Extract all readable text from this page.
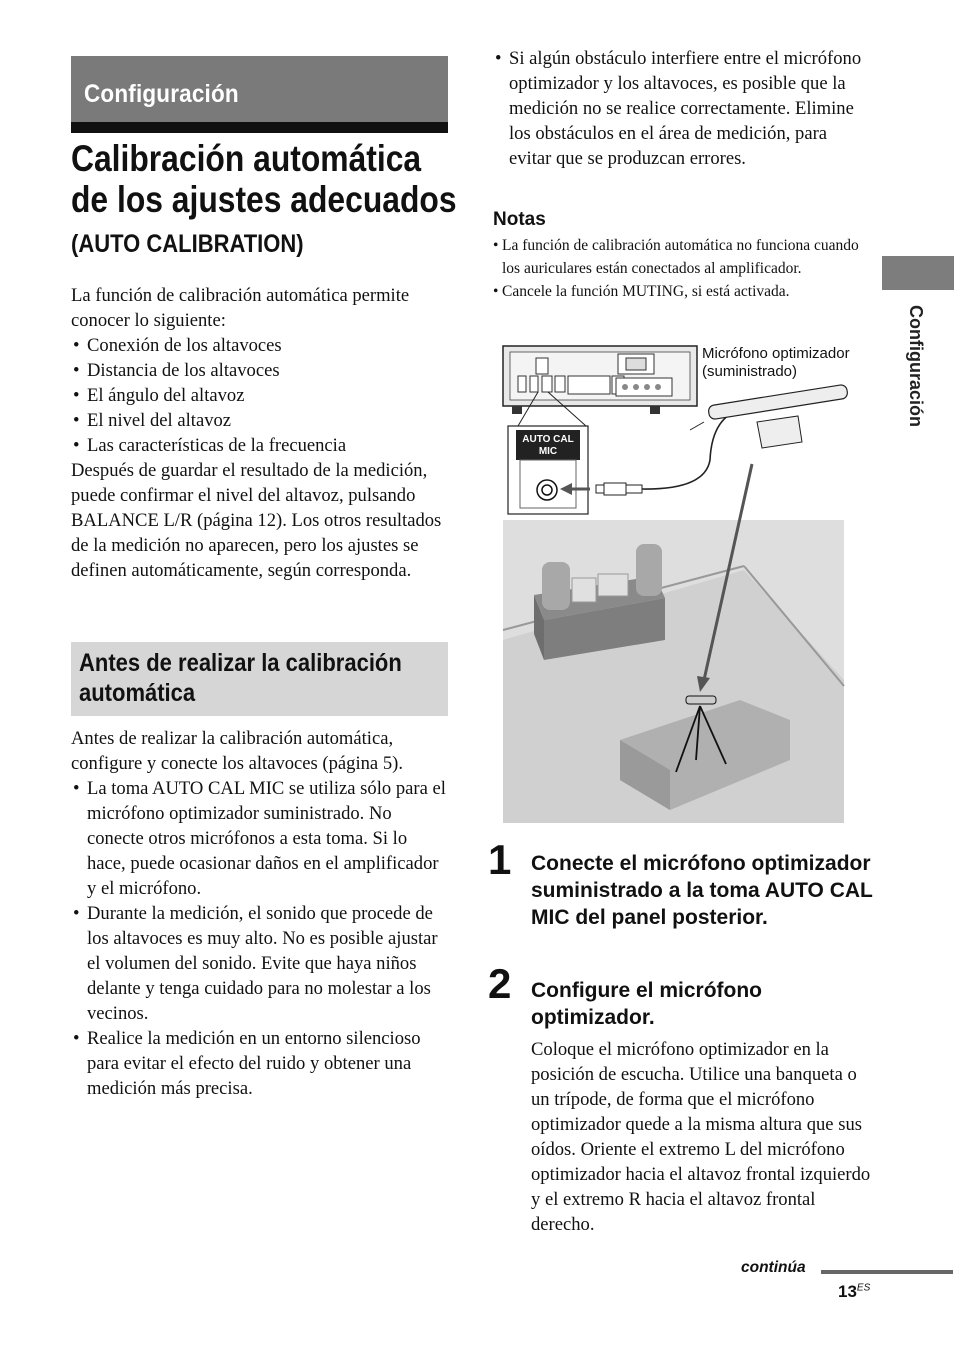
Configuración
Calibración automática de los ajustes adecuados
(AUTO CALIBRATION)
La función de calibración automática permite conocer lo siguiente:
• Conexión de los altavoces
• Distancia de los altavoces
• El ángulo del altavoz
• El nivel del altavoz
• Las características de la frecuencia
Después de guardar el resultado de la medición, puede confirmar el nivel del altavoz, pulsando BALANCE L/R (página 12). Los otros resultados de la medición no aparecen, pero los ajustes se definen automáticamente, según corresponda.
Antes de realizar la calibración automática
Antes de realizar la calibración automática, configure y conecte los altavoces (página 5).
• La toma AUTO CAL MIC se utiliza sólo para el micrófono optimizador suministrado. No conecte otros micrófonos a esta toma. Si lo hace, puede ocasionar daños en el amplificador y el micrófono.
• Durante la medición, el sonido que procede de los altavoces es muy alto. No es posible ajustar el volumen del sonido. Evite que haya niños delante y tenga cuidado para no molestar a los vecinos.
• Realice la medición en un entorno silencioso para evitar el efecto del ruido y obtener una medición más precisa.
• Si algún obstáculo interfiere entre el micrófono optimizador y los altavoces, es posible que la medición no se realice correctamente. Elimine los obstáculos en el área de medición, para evitar que se produzcan errores.
Notas
• La función de calibración automática no funciona cuando los auriculares están conectados al amplificador.
• Cancele la función MUTING, si está activada.
Configuración
AUTO CAL
MIC
Micrófono optimizador
(suministrado)
1 Conecte el micrófono optimizador suministrado a la toma AUTO CAL MIC del panel posterior.
2 Configure el micrófono optimizador.
Coloque el micrófono optimizador en la posición de escucha. Utilice una banqueta o un trípode, de forma que el micrófono optimizador quede a la misma altura que sus oídos. Oriente el extremo L del micrófono optimizador hacia el altavoz frontal izquierdo y el extremo R hacia el altavoz frontal derecho.
continúa
$13^{ES}$
